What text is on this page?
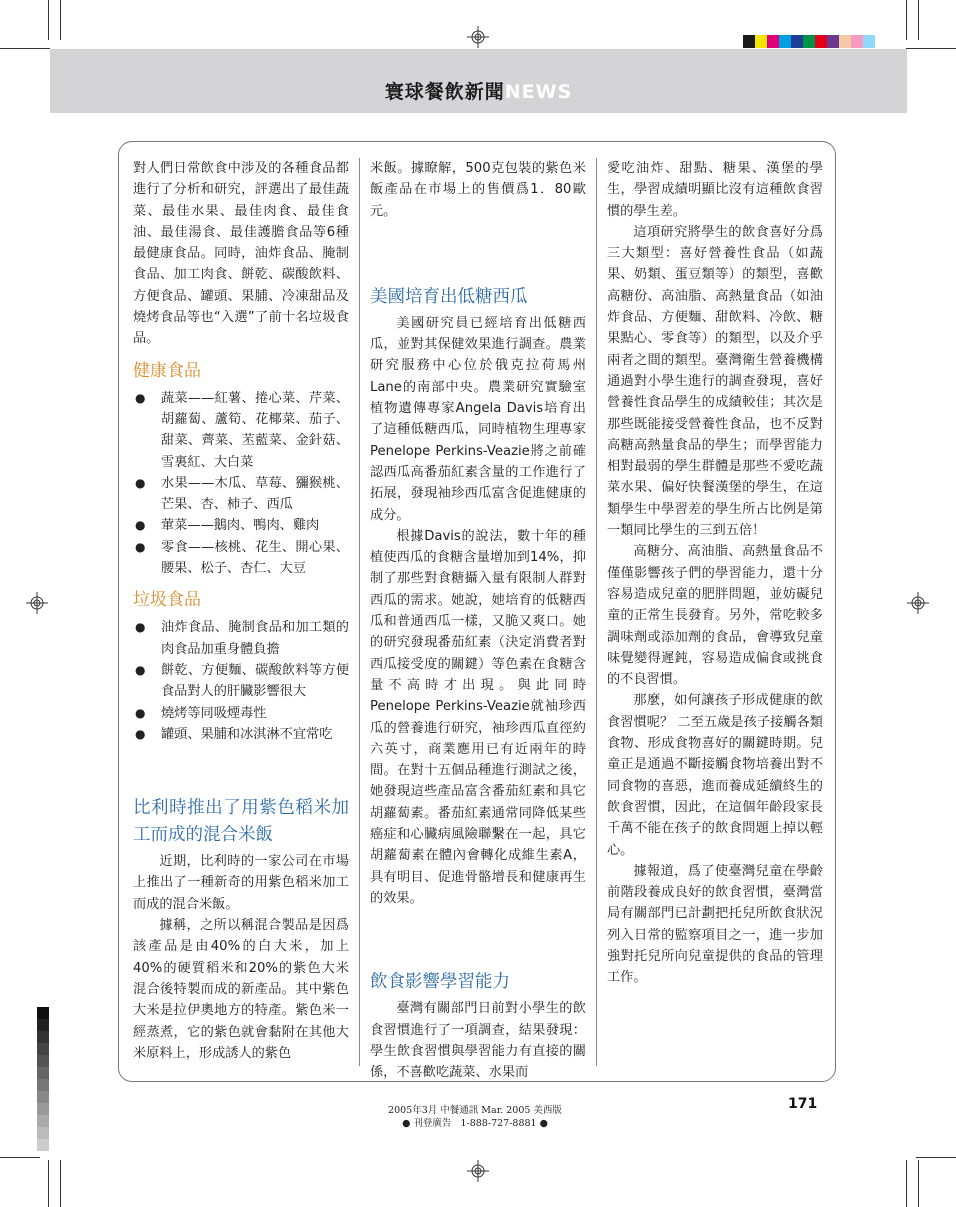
寰球餐飲新聞NEWS

對人們日常飲食中涉及的各種食品都進行了分析和研究，評選出了最佳蔬菜、最佳水果、最佳肉食、最佳食油、最佳湯食、最佳護膽食品等6種最健康食品。同時，油炸食品、腌制食品、加工肉食、餅乾、碳酸飲料、方便食品、罐頭、果脯、冷凍甜品及燒烤食品等也“入選”了前十名垃圾食品。

健康食品
● 蔬菜——紅薯、捲心菜、芹菜、胡蘿蔔、蘆筍、花椰菜、茄子、甜菜、薺菜、苤藍菜、金針菇、雪裏紅、大白菜
● 水果——木瓜、草莓、獼猴桃、芒果、杏、柿子、西瓜
● 葷菜——鵝肉、鴨肉、雞肉
● 零食——核桃、花生、開心果、腰果、松子、杏仁、大豆
垃圾食品
● 油炸食品、腌制食品和加工類的肉食品加重身體負擔
● 餅乾、方便麵、碳酸飲料等方便食品對人的肝臟影響很大
● 燒烤等同吸煙毒性
● 罐頭、果脯和冰淇淋不宜常吃
比利時推出了用紫色稻米加工而成的混合米飯

近期，比利時的一家公司在市場上推出了一種新奇的用紫色稻米加工而成的混合米飯。

據稱，之所以稱混合製品是因爲該產品是由40%的白大米，加上40%的硬質稻米和20%的紫色大米混合後特製而成的新產品。其中紫色大米是拉伊奧地方的特產。紫色米一經蒸煮，它的紫色就會黏附在其他大米原料上，形成誘人的紫色

米飯。據瞭解，500克包裝的紫色米飯產品在市場上的售價爲1．80歐元。

美國培育出低糖西瓜

美國研究員已經培育出低糖西瓜，並對其保健效果進行調查。農業研究服務中心位於俄克拉荷馬州Lane的南部中央。農業研究實驗室植物遺傳專家Angela Davis培育出了這種低糖西瓜，同時植物生理專家Penelope Perkins-Veazie將之前確認西瓜高番茄紅素含量的工作進行了拓展，發現袖珍西瓜富含促進健康的成分。

根據Davis的說法，數十年的種植使西瓜的食糖含量增加到14%，抑制了那些對食糖攝入量有限制人群對西瓜的需求。她說，她培育的低糖西瓜和普通西瓜一樣，又脆又爽口。她的研究發現番茄紅素（決定消費者對西瓜接受度的關鍵）等色素在食糖含量不高時才出現。與此同時Penelope Perkins-Veazie就袖珍西瓜的營養進行研究，袖珍西瓜直徑約六英寸，商業應用已有近兩年的時間。在對十五個品種進行測試之後，她發現這些產品富含番茄紅素和具它胡蘿蔔素。番茄紅素通常同降低某些癌症和心臟病風險聯繫在一起，具它胡蘿蔔素在體內會轉化成維生素A，具有明目、促進骨骼增長和健康再生的效果。

飲食影響學習能力

臺灣有關部門日前對小學生的飲食習慣進行了一項調查，結果發現：學生飲食習慣與學習能力有直接的關係，不喜歡吃蔬菜、水果而

愛吃油炸、甜點、糖果、漢堡的學生，學習成績明顯比沒有這種飲食習慣的學生差。

這項研究將學生的飲食喜好分爲三大類型：喜好營養性食品（如蔬果、奶類、蛋豆類等）的類型，喜歡高糖份、高油脂、高熱量食品（如油炸食品、方便麵、甜飲料、冷飲、糖果點心、零食等）的類型，以及介乎兩者之間的類型。臺灣衛生營養機構通過對小學生進行的調查發現，喜好營養性食品學生的成績較佳；其次是那些既能接受營養性食品，也不反對高糖高熱量食品的學生；而學習能力相對最弱的學生群體是那些不愛吃蔬菜水果、偏好快餐漢堡的學生，在這類學生中學習差的學生所占比例是第一類同比學生的三到五倍！

高糖分、高油脂、高熱量食品不僅僅影響孩子們的學習能力，還十分容易造成兒童的肥胖問題，並妨礙兒童的正常生長發育。另外，常吃較多調味劑或添加劑的食品，會導致兒童味覺變得遲鈍，容易造成偏食或挑食的不良習慣。

那麼，如何讓孩子形成健康的飲食習慣呢？ 二至五歲是孩子接觸各類食物、形成食物喜好的關鍵時期。兒童正是通過不斷接觸食物培養出對不同食物的喜惡，進而養成延續終生的飲食習慣，因此，在這個年齡段家長千萬不能在孩子的飲食問題上掉以輕心。

據報道，爲了使臺灣兒童在學齡前階段養成良好的飲食習慣，臺灣當局有關部門已計劃把托兒所飲食狀況列入日常的監察項目之一，進一步加強對托兒所向兒童提供的食品的管理工作。

2005年3月 中餐通訊 Mar. 2005 美西版
● 刊登廣告 1-888-727-8881 ●
171
